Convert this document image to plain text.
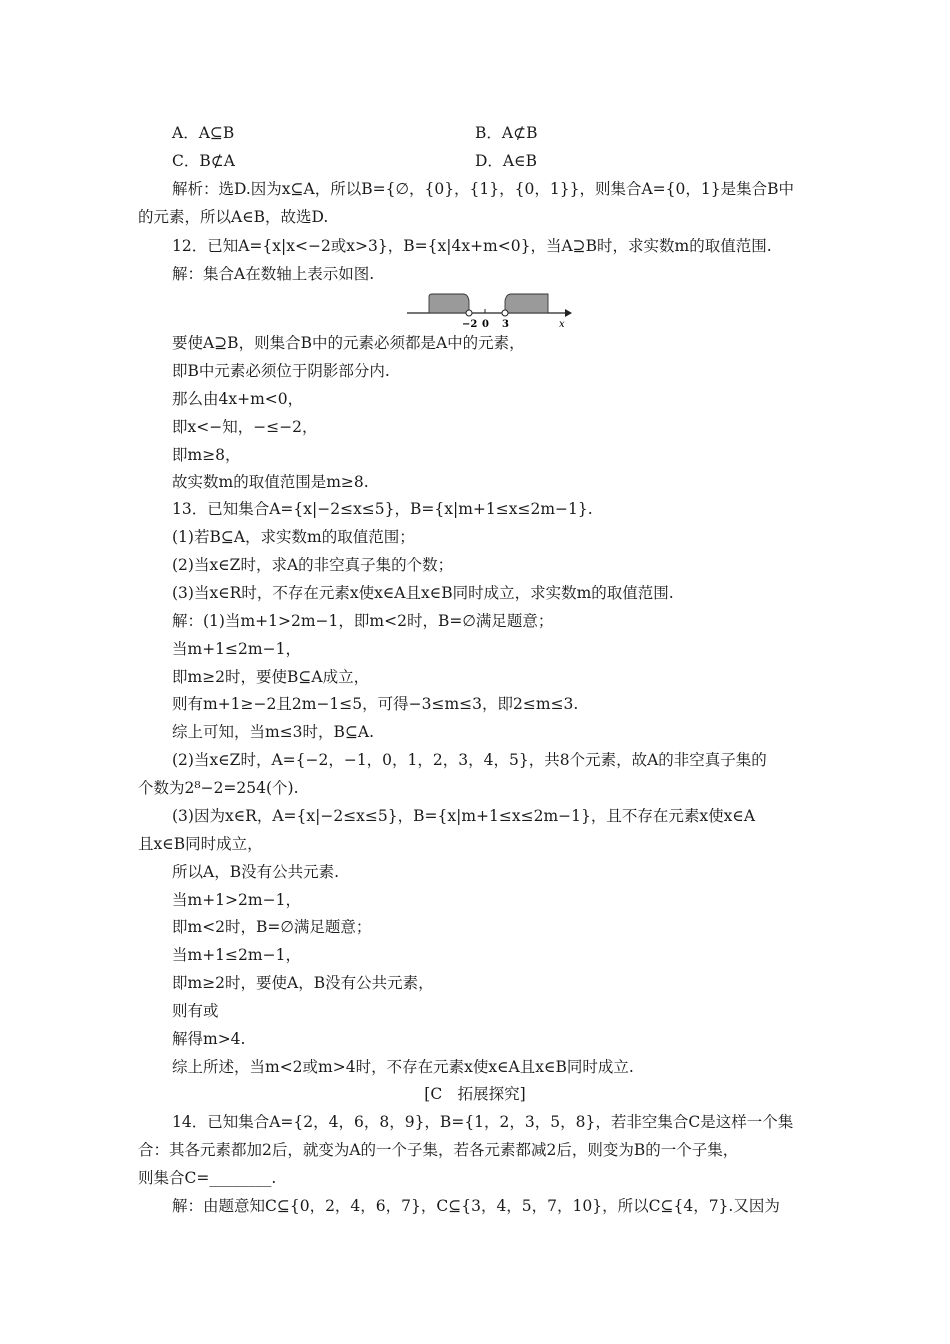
A．A⊆B	B．A⊄B
C．B⊄A	D．A∈B
解析：选D.因为x⊆A，所以B={∅，{0}，{1}，{0，1}}，则集合A={0，1}是集合B中
的元素，所以A∈B，故选D.
12．已知A={x|x<−2或x>3}，B={x|4x+m<0}，当A⊇B时，求实数m的取值范围.
解：集合A在数轴上表示如图.
−2 0 3	x
要使A⊇B，则集合B中的元素必须都是A中的元素，
即B中元素必须位于阴影部分内.
那么由4x+m<0，
即x<−知，−≤−2，
即m≥8，
故实数m的取值范围是m≥8.
13．已知集合A={x|−2≤x≤5}，B={x|m+1≤x≤2m−1}.
(1)若B⊆A，求实数m的取值范围；
(2)当x∈Z时，求A的非空真子集的个数；
(3)当x∈R时，不存在元素x使x∈A且x∈B同时成立，求实数m的取值范围.
解：(1)当m+1>2m−1，即m<2时，B=∅满足题意；
当m+1≤2m−1，
即m≥2时，要使B⊆A成立，
则有m+1≥−2且2m−1≤5，可得−3≤m≤3，即2≤m≤3.
综上可知，当m≤3时，B⊆A.
(2)当x∈Z时，A={−2，−1，0，1，2，3，4，5}，共8个元素，故A的非空真子集的
个数为2⁸−2=254(个).
(3)因为x∈R，A={x|−2≤x≤5}，B={x|m+1≤x≤2m−1}，且不存在元素x使x∈A
且x∈B同时成立，
所以A，B没有公共元素.
当m+1>2m−1，
即m<2时，B=∅满足题意；
当m+1≤2m−1，
即m≥2时，要使A，B没有公共元素，
则有或
解得m>4.
综上所述，当m<2或m>4时，不存在元素x使x∈A且x∈B同时成立.
[C　拓展探究]
14．已知集合A={2，4，6，8，9}，B={1，2，3，5，8}，若非空集合C是这样一个集
合：其各元素都加2后，就变为A的一个子集，若各元素都减2后，则变为B的一个子集，
则集合C=________.
解：由题意知C⊆{0，2，4，6，7}，C⊆{3，4，5，7，10}，所以C⊆{4，7}.又因为
